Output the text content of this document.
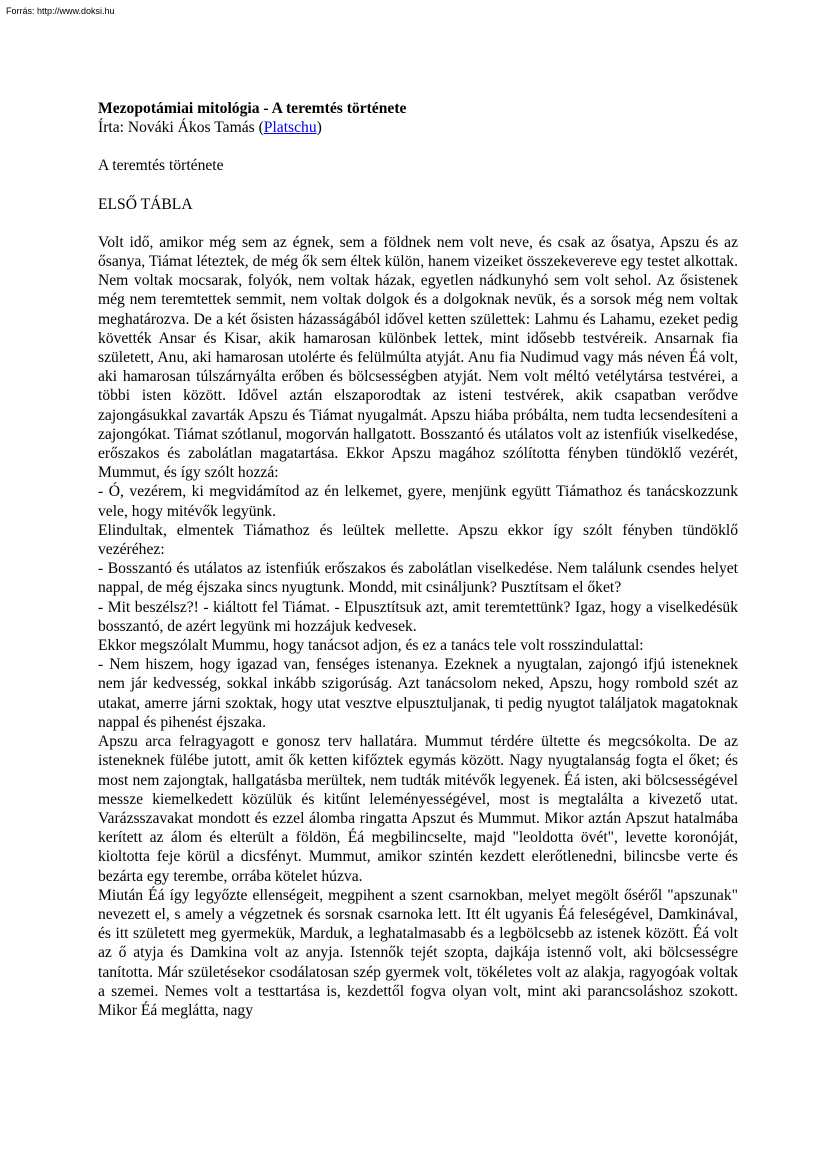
Forrás: http://www.doksi.hu

Mezopotámiai mitológia - A teremtés története

Írta: Nováki Ákos Tamás (Platschu)

A teremtés története

ELSŐ TÁBLA

Volt idő, amikor még sem az égnek, sem a földnek nem volt neve, és csak az ősatya, Apszu és az ősanya, Tiámat léteztek, de még ők sem éltek külön, hanem vizeiket összekevereve egy testet alkottak. Nem voltak mocsarak, folyók, nem voltak házak, egyetlen nádkunyhó sem volt sehol. Az ősistenek még nem teremtettek semmit, nem voltak dolgok és a dolgoknak nevük, és a sorsok még nem voltak meghatározva. De a két ősisten házasságából idővel ketten születtek: Lahmu és Lahamu, ezeket pedig követték Ansar és Kisar, akik hamarosan különbek lettek, mint idősebb testvéreik. Ansarnak fia született, Anu, aki hamarosan utolérte és felülmúlta atyját. Anu fia Nudimud vagy más néven Éá volt, aki hamarosan túlszárnyálta erőben és bölcsességben atyját. Nem volt méltó vetélytársa testvérei, a többi isten között. Idővel aztán elszaporodtak az isteni testvérek, akik csapatban verődve zajongásukkal zavarták Apszu és Tiámat nyugalmát. Apszu hiába próbálta, nem tudta lecsendesíteni a zajongókat. Tiámat szótlanul, mogorván hallgatott. Bosszantó és utálatos volt az istenfiúk viselkedése, erőszakos és zabolátlan magatartása. Ekkor Apszu magához szólította fényben tündöklő vezérét, Mummut, és így szólt hozzá:

- Ó, vezérem, ki megvidámítod az én lelkemet, gyere, menjünk együtt Tiámathoz és tanácskozzunk vele, hogy mitévők legyünk.

Elindultak, elmentek Tiámathoz és leültek mellette. Apszu ekkor így szólt fényben tündöklő vezéréhez:

- Bosszantó és utálatos az istenfiúk erőszakos és zabolátlan viselkedése. Nem találunk csendes helyet nappal, de még éjszaka sincs nyugtunk. Mondd, mit csináljunk? Pusztítsam el őket?

- Mit beszélsz?! - kiáltott fel Tiámat. - Elpusztítsuk azt, amit teremtettünk? Igaz, hogy a viselkedésük bosszantó, de azért legyünk mi hozzájuk kedvesek.

Ekkor megszólalt Mummu, hogy tanácsot adjon, és ez a tanács tele volt rosszindulattal:

- Nem hiszem, hogy igazad van, fenséges istenanya. Ezeknek a nyugtalan, zajongó ifjú isteneknek nem jár kedvesség, sokkal inkább szigorúság. Azt tanácsolom neked, Apszu, hogy rombold szét az utakat, amerre járni szoktak, hogy utat vesztve elpusztuljanak, ti pedig nyugtot találjatok magatoknak nappal és pihenést éjszaka.

Apszu arca felragyagott e gonosz terv hallatára. Mummut térdére ültette és megcsókolta. De az isteneknek fülébe jutott, amit ők ketten kifőztek egymás között. Nagy nyugtalanság fogta el őket; és most nem zajongtak, hallgatásba merültek, nem tudták mitévők legyenek. Éá isten, aki bölcsességével messze kiemelkedett közülük és kitűnt leleményességével, most is megtalálta a kivezető utat. Varázsszavakat mondott és ezzel álomba ringatta Apszut és Mummut. Mikor aztán Apszut hatalmába kerített az álom és elterült a földön, Éá megbilincselte, majd "leoldotta övét", levette koronóját, kioltotta feje körül a dicsfényt. Mummut, amikor szintén kezdett elerőtlenedni, bilincsbe verte és bezárta egy terembe, orrába kötelet húzva.

Miután Éá így legyőzte ellenségeit, megpihent a szent csarnokban, melyet megölt őséről "apszunak" nevezett el, s amely a végzetnek és sorsnak csarnoka lett. Itt élt ugyanis Éá feleségével, Damkinával, és itt született meg gyermekük, Marduk, a leghatalmasabb és a legbölcsebb az istenek között. Éá volt az ő atyja és Damkina volt az anyja. Istennők tejét szopta, dajkája istennő volt, aki bölcsességre tanította. Már születésekor csodálatosan szép gyermek volt, tökéletes volt az alakja, ragyogóak voltak a szemei. Nemes volt a testtartása is, kezdettől fogva olyan volt, mint aki parancsoláshoz szokott. Mikor Éá meglátta, nagy
